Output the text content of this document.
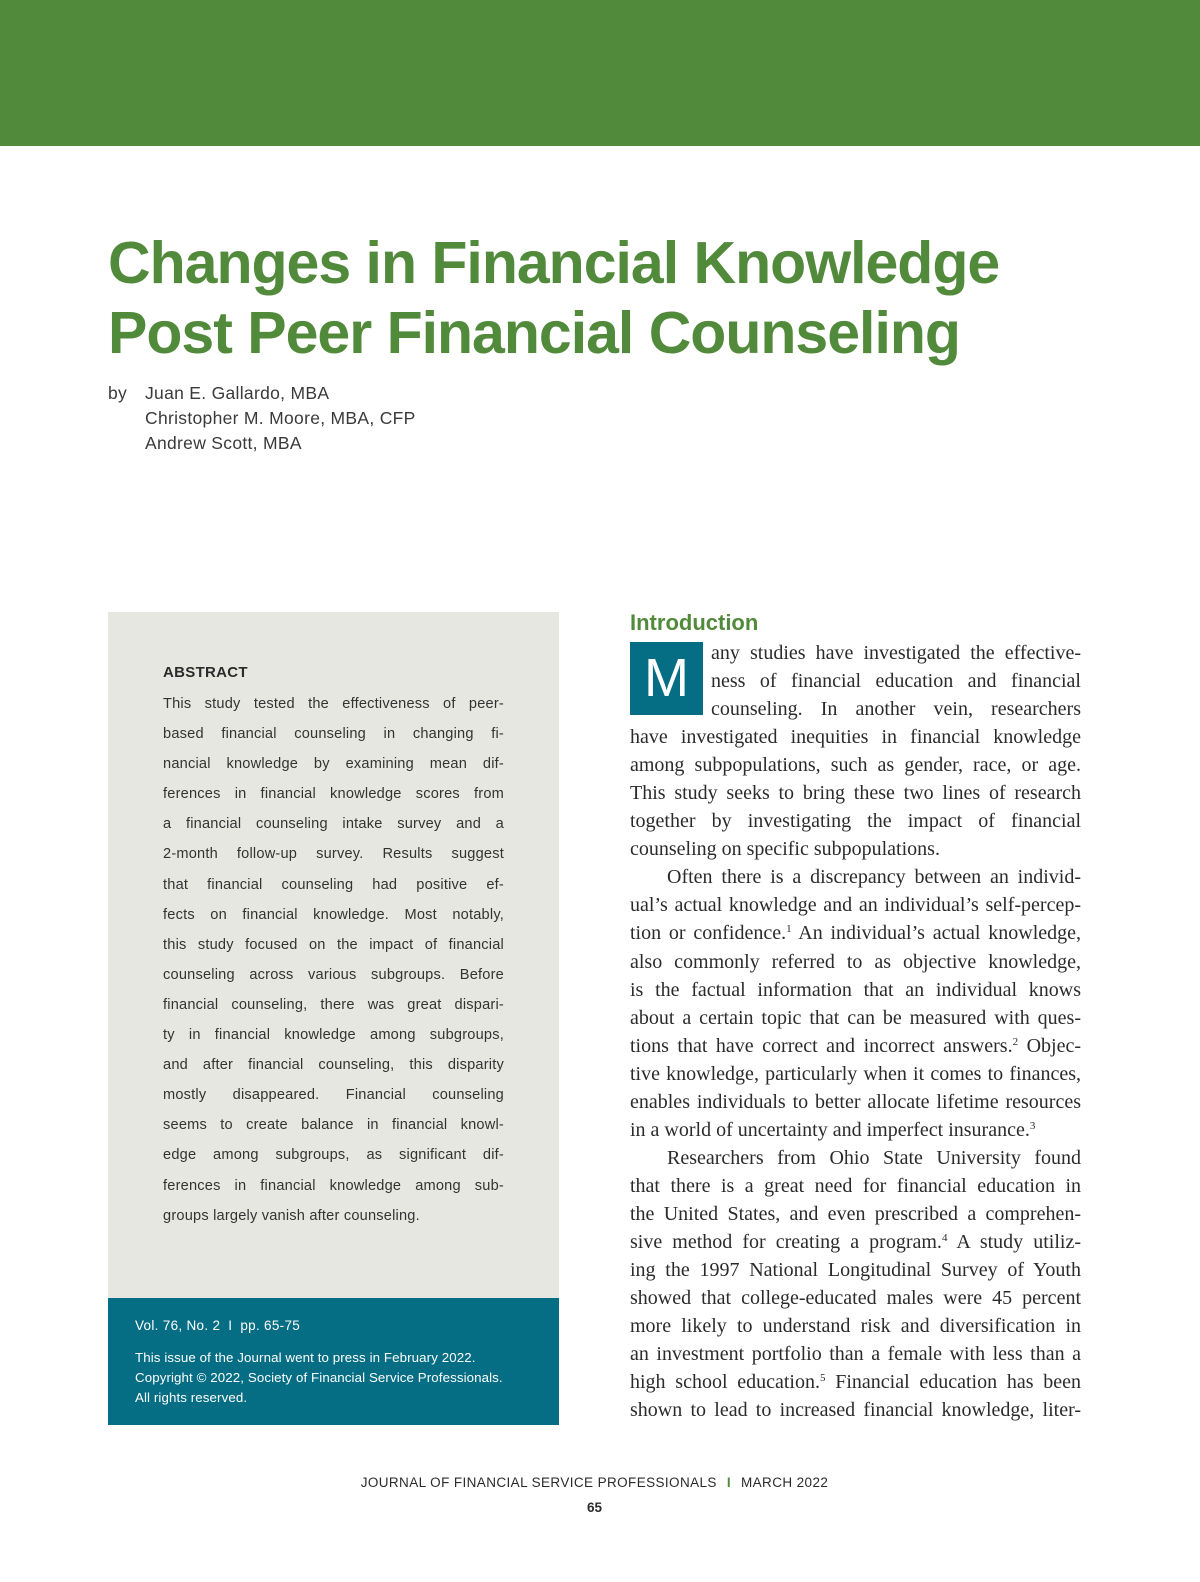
Changes in Financial Knowledge
Post Peer Financial Counseling
by Juan E. Gallardo, MBA
Christopher M. Moore, MBA, CFP
Andrew Scott, MBA
ABSTRACT
This study tested the effectiveness of peer-
based financial counseling in changing fi-
nancial knowledge by examining mean dif-
ferences in financial knowledge scores from
a financial counseling intake survey and a
2-month follow-up survey. Results suggest
that financial counseling had positive ef-
fects on financial knowledge. Most notably,
this study focused on the impact of financial
counseling across various subgroups. Before
financial counseling, there was great dispari-
ty in financial knowledge among subgroups,
and after financial counseling, this disparity
mostly disappeared. Financial counseling
seems to create balance in financial knowl-
edge among subgroups, as significant dif-
ferences in financial knowledge among sub-
groups largely vanish after counseling.
Vol. 76, No. 2 I pp. 65-75
This issue of the Journal went to press in February 2022.
Copyright © 2022, Society of Financial Service Professionals.
All rights reserved.
Introduction
M	any studies have investigated the effective-
ness of financial education and financial
counseling. In another vein, researchers
have investigated inequities in financial knowledge
among subpopulations, such as gender, race, or age.
This study seeks to bring these two lines of research
together by investigating the impact of financial
counseling on specific subpopulations.
Often there is a discrepancy between an individ-
ual’s actual knowledge and an individual’s self-percep-
tion or confidence.$^1$ An individual’s actual knowledge,
also commonly referred to as objective knowledge,
is the factual information that an individual knows
about a certain topic that can be measured with ques-
tions that have correct and incorrect answers.$^2$ Objec-
tive knowledge, particularly when it comes to finances,
enables individuals to better allocate lifetime resources
in a world of uncertainty and imperfect insurance.$^3$
Researchers from Ohio State University found
that there is a great need for financial education in
the United States, and even prescribed a comprehen-
sive method for creating a program.$^4$ A study utiliz-
ing the 1997 National Longitudinal Survey of Youth
showed that college-educated males were 45 percent
more likely to understand risk and diversification in
an investment portfolio than a female with less than a
high school education.$^5$ Financial education has been
shown to lead to increased financial knowledge, liter-
JOURNAL OF FINANCIAL SERVICE PROFESSIONALS I MARCH 2022
65
